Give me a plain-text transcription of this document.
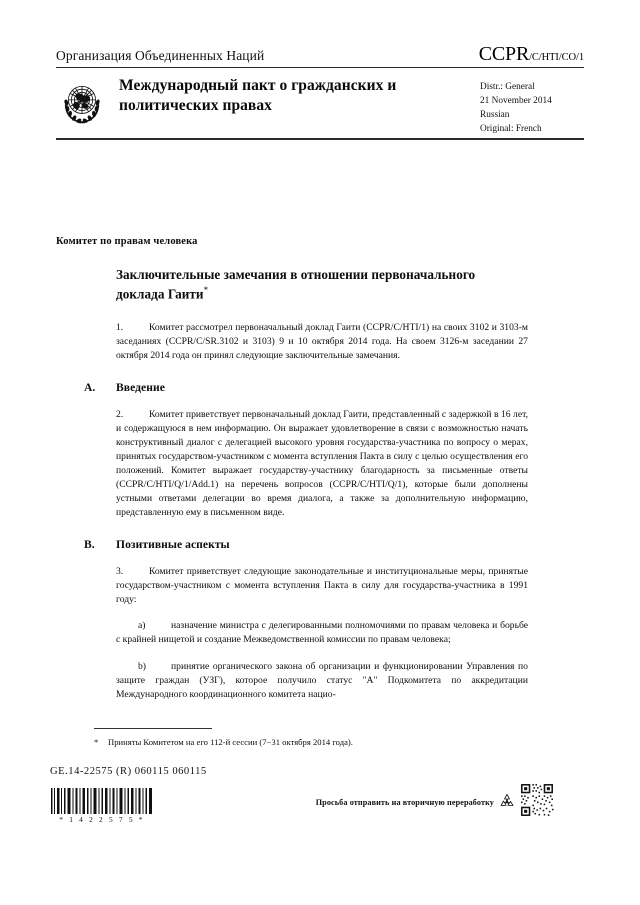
Организация Объединенных Наций	CCPR/C/HTI/CO/1
Международный пакт о гражданских и политических правах
Distr.: General
21 November 2014
Russian
Original: French
Комитет по правам человека
Заключительные замечания в отношении первоначального доклада Гаити*

1.	Комитет рассмотрел первоначальный доклад Гаити (CCPR/C/HTI/1) на своих 3102 и 3103-м заседаниях (CCPR/C/SR.3102 и 3103) 9 и 10 октября 2014 года. На своем 3126-м заседании 27 октября 2014 года он принял следующие заключительные замечания.

A.	Введение

2.	Комитет приветствует первоначальный доклад Гаити, представленный с задержкой в 16 лет, и содержащуюся в нем информацию. Он выражает удовлетворение в связи с возможностью начать конструктивный диалог с делегацией высокого уровня государства-участника по вопросу о мерах, принятых государством-участником с момента вступления Пакта в силу с целью осуществления его положений. Комитет выражает государству-участнику благодарность за письменные ответы (CCPR/C/HTI/Q/1/Add.1) на перечень вопросов (CCPR/C/HTI/Q/1), которые были дополнены устными ответами делегации во время диалога, а также за дополнительную информацию, представленную ему в письменном виде.

B.	Позитивные аспекты

3.	Комитет приветствует следующие законодательные и институциональные меры, принятые государством-участником с момента вступления Пакта в силу для государства-участника в 1991 году:

a)	назначение министра с делегированными полномочиями по правам человека и борьбе с крайней нищетой и создание Межведомственной комиссии по правам человека;

b)	принятие органического закона об организации и функционировании Управления по защите граждан (УЗГ), которое получило статус "А" Подкомитета по аккредитации Международного координационного комитета нацио-

* Приняты Комитетом на его 112-й сессии (7−31 октября 2014 года).
GE.14-22575 (R) 060115 060115
* 1 4 2 2 5 7 5 *
Просьба отправить на вторичную переработку
